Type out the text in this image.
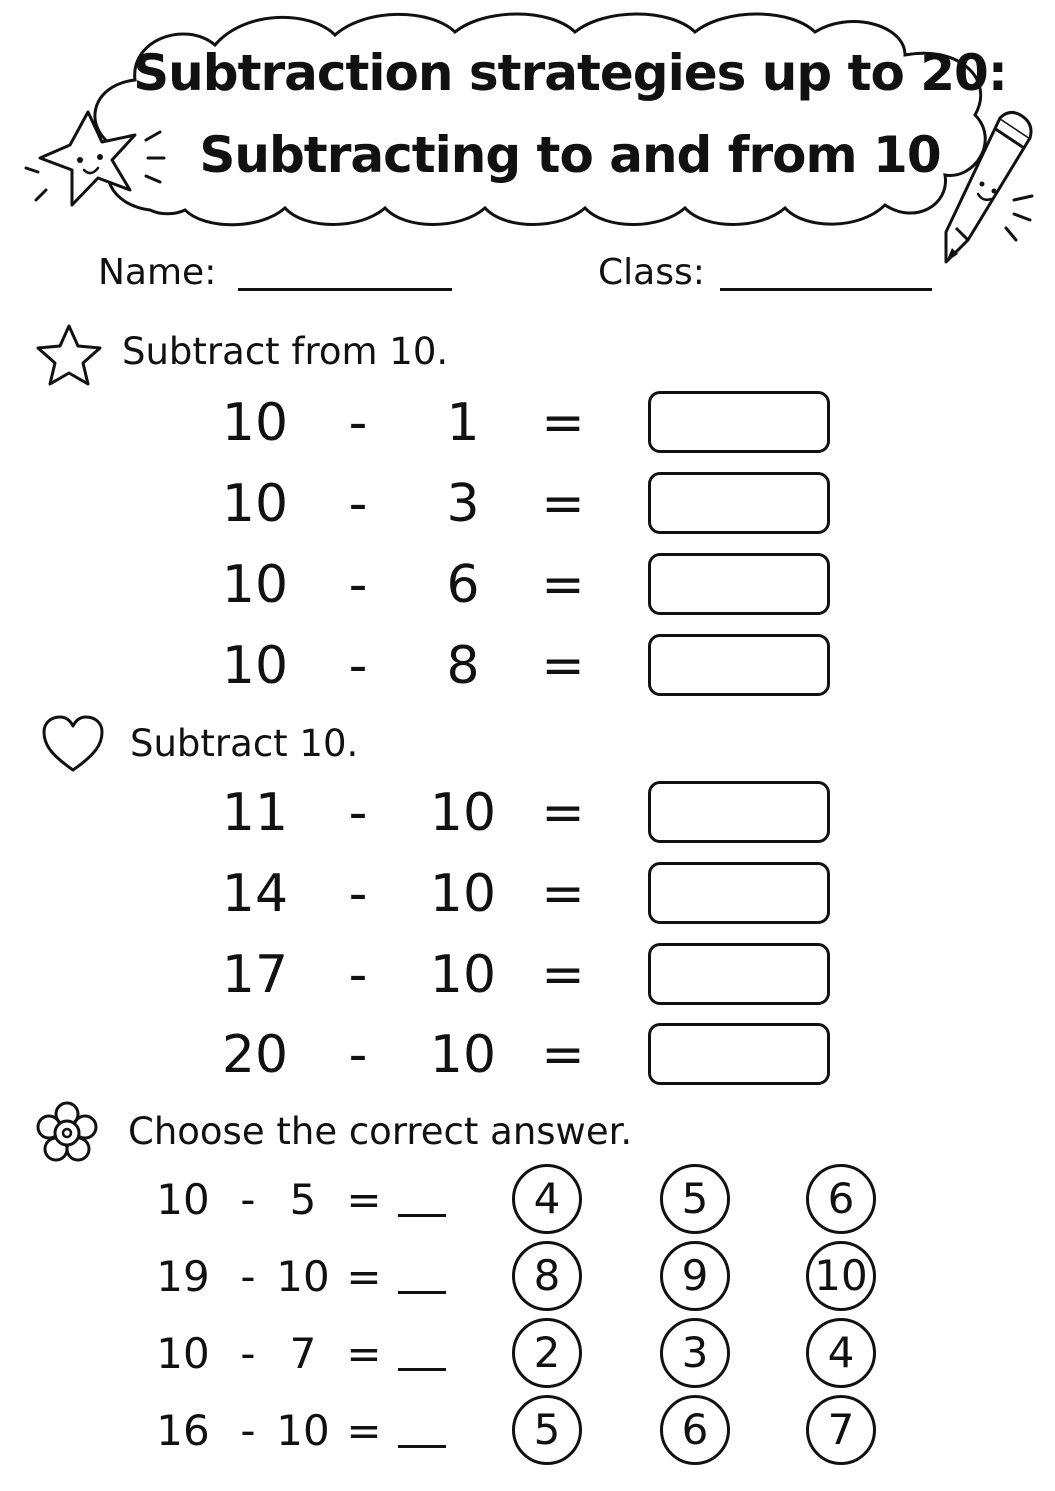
Subtraction strategies up to 20:
Subtracting to and from 10
Name:	Class:
Subtract from 10.
10	-	1	=
10	-	3	=
10	-	6	=
10	-	8	=
Subtract 10.
11	-	10 =
14	-	10 =
17	-	10 =
20	-	10 =
Choose the correct answer.
10 - 5 =	4	5	6
19 - 10 =	8	9	10
10 - 7 =	2	3	4
16 - 10 =	5	6	7
